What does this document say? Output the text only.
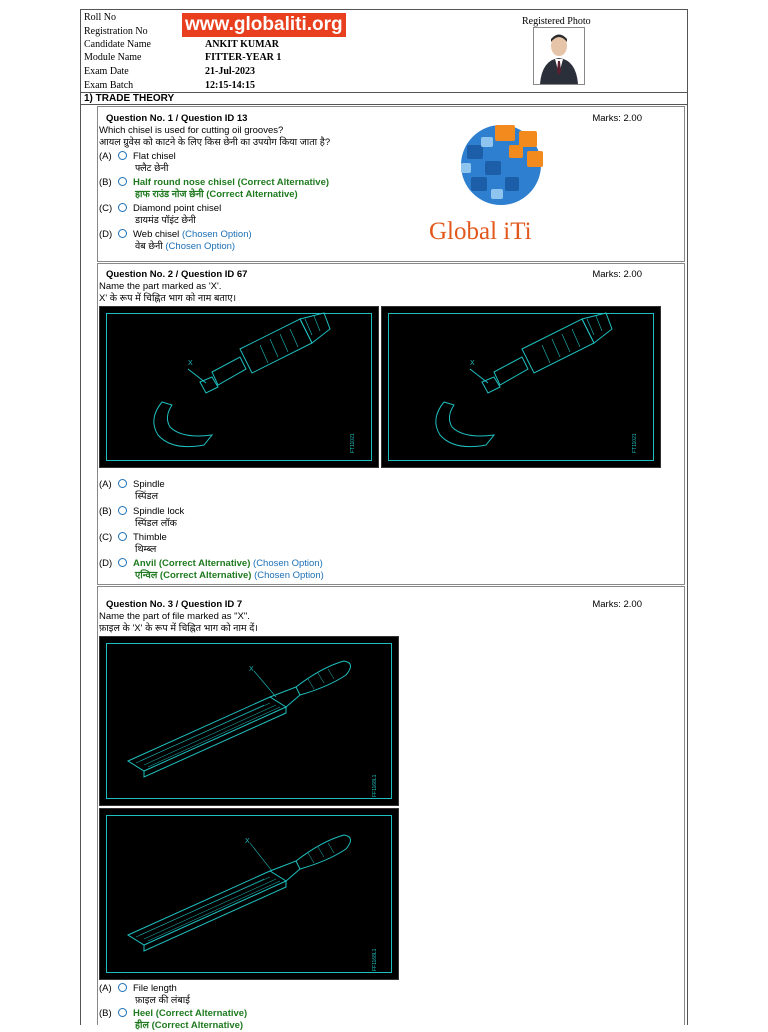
Roll No
Registration No
Candidate Name	ANKIT KUMAR
Module Name	FITTER-YEAR 1
Exam Date	21-Jul-2023
Exam Batch	12:15-14:15
www.globaliti.org	Registered Photo
1) TRADE THEORY
Question No. 1 / Question ID 13	Marks: 2.00
Which chisel is used for cutting oil grooves?
आयल ग्रुवेस को काटने के लिए किस छेनी का उपयोग किया जाता है?
(A) Flat chisel
फ्लैट छेनी
(B) Half round nose chisel (Correct Alternative)
हाफ राउंड नोज छेनी (Correct Alternative)
(C) Diamond point chisel
डायमंड पॉइंट छेनी
(D) Web chisel (Chosen Option)
वेब छेनी (Chosen Option)
Global iTi
Question No. 2 / Question ID 67	Marks: 2.00
Name the part marked as 'X'.
X' के रूप में चिह्नित भाग को नाम बताए।
X
FT11021
X
FT11021
(A) Spindle
स्पिंडल
(B) Spindle lock
स्पिंडल लॉक
(C) Thimble
थिम्ब्ल
(D) Anvil (Correct Alternative) (Chosen Option)
एन्विल (Correct Alternative) (Chosen Option)
Question No. 3 / Question ID 7	Marks: 2.00
Name the part of file marked as "X".
फ़ाइल के 'X' के रूप में चिह्नित भाग को नाम दें।
X
FF1168L1
X
FF1168L1
(A) File length
फ़ाइल की लंबाई
(B) Heel (Correct Alternative)
हील (Correct Alternative)
